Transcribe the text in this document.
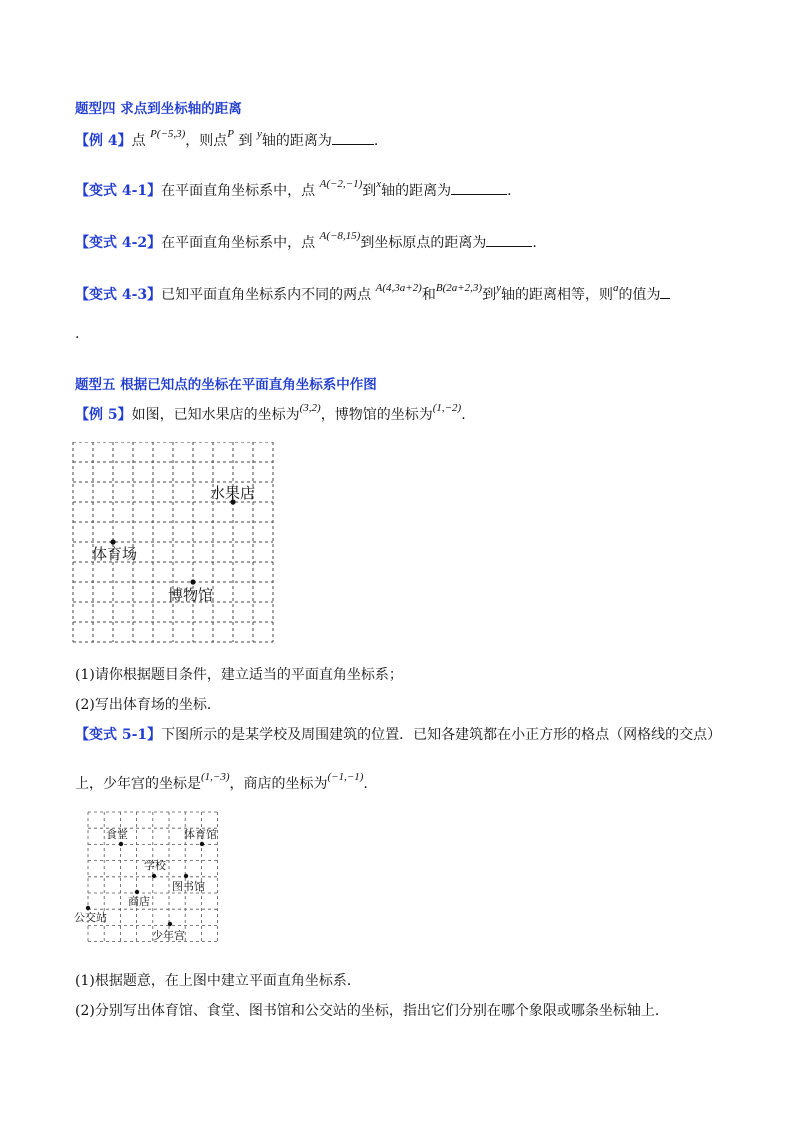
题型四 求点到坐标轴的距离
【例 4】点 $^{P(-5,3)}$，则点$^P$ 到 $^y$轴的距离为	.
【变式 4-1】在平面直角坐标系中，点 $^{A(-2,-1)}$到$^x$轴的距离为	.
【变式 4-2】在平面直角坐标系中，点 $^{A(-8,15)}$到坐标原点的距离为	.
【变式 4-3】已知平面直角坐标系内不同的两点 $^{A(4,3a+2)}$和$^{B(2a+2,3)}$到$^y$轴的距离相等，则$^a$的值为
.
题型五 根据已知点的坐标在平面直角坐标系中作图
【例 5】如图，已知水果店的坐标为$^{(3,2)}$，博物馆的坐标为$^{(1,-2)}$.
水果店
体育场
博物馆
(1)请你根据题目条件，建立适当的平面直角坐标系；
(2)写出体育场的坐标．
【变式 5-1】下图所示的是某学校及周围建筑的位置．已知各建筑都在小正方形的格点（网格线的交点）
上，少年宫的坐标是$^{(1,-3)}$，商店的坐标为$^{(-1,-1)}$.
食堂	体育馆
学校
图书馆
商店
公交站
少年宫
(1)根据题意，在上图中建立平面直角坐标系．
(2)分别写出体育馆、食堂、图书馆和公交站的坐标，指出它们分别在哪个象限或哪条坐标轴上．
